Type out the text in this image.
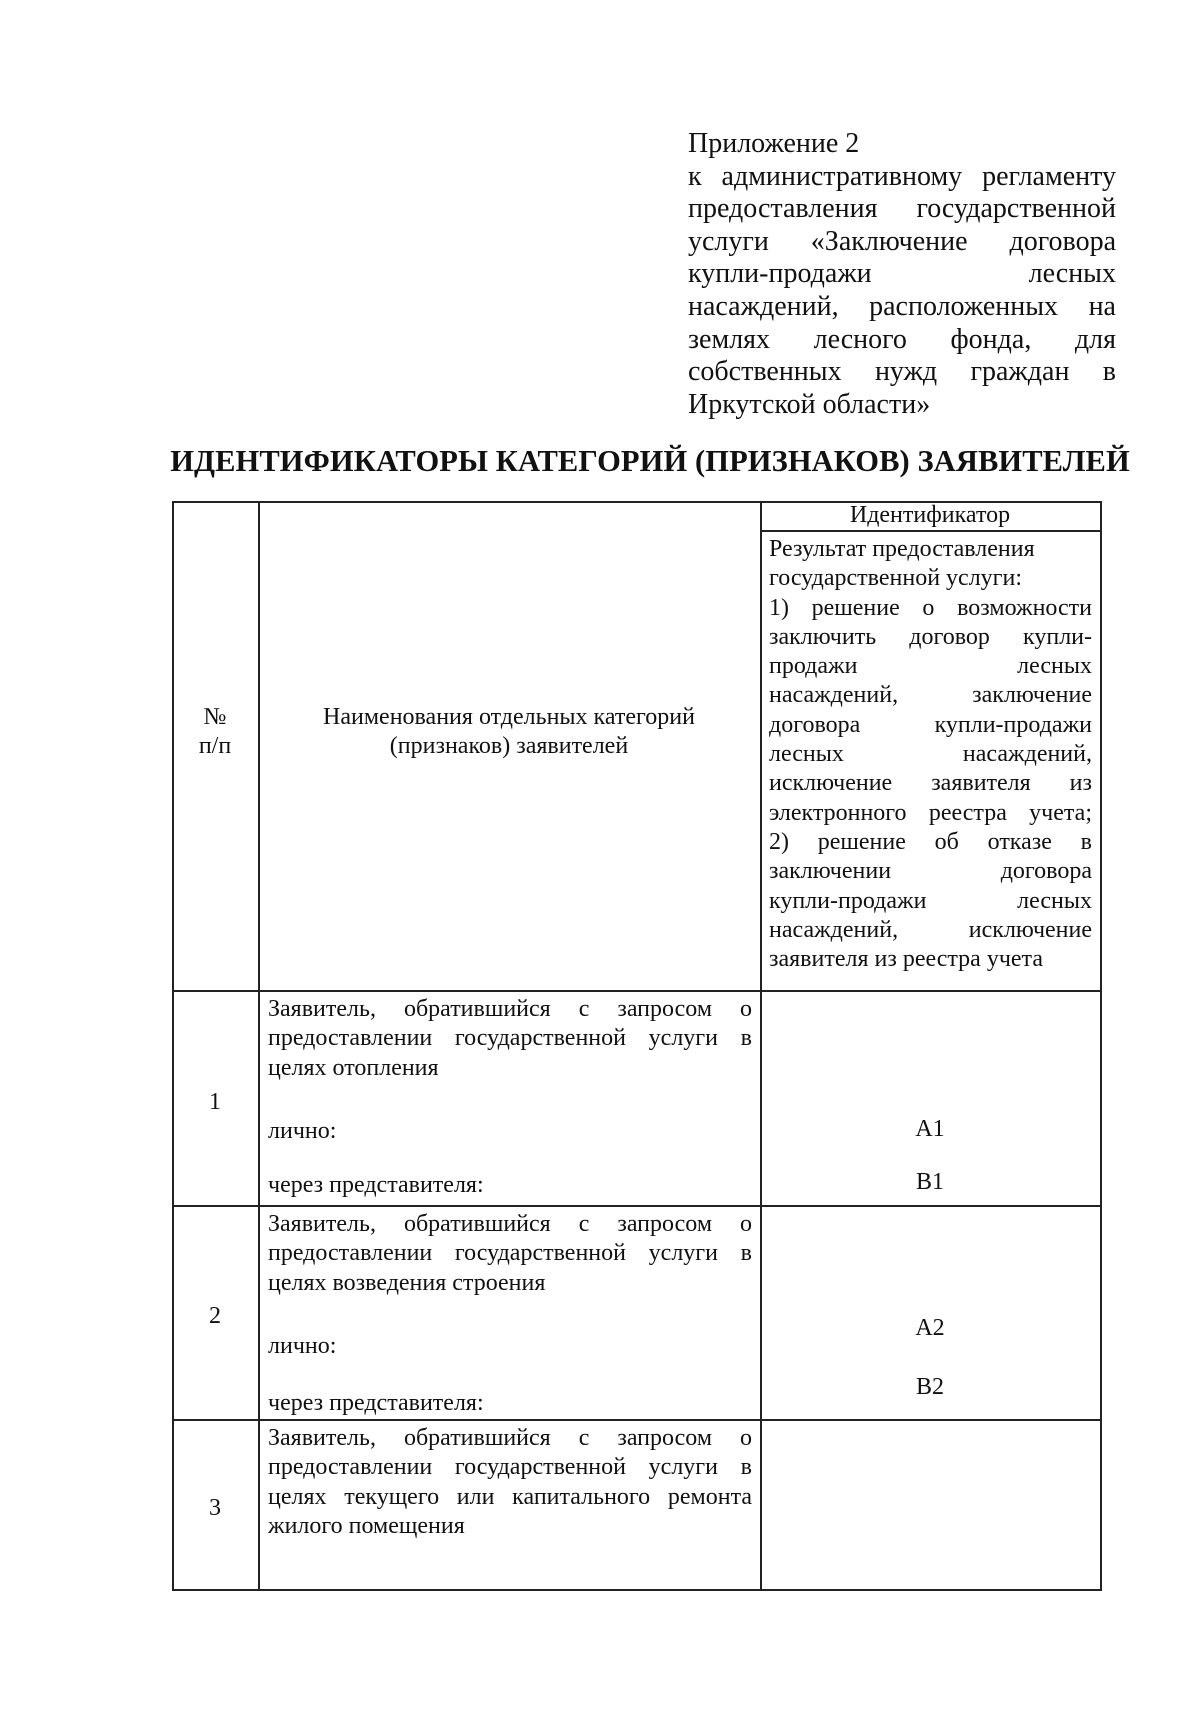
Приложение 2
к административному регламенту
предоставления государственной
услуги «Заключение договора
купли-продажи лесных
насаждений, расположенных на
землях лесного фонда, для
собственных нужд граждан в
Иркутской области»
ИДЕНТИФИКАТОРЫ КАТЕГОРИЙ (ПРИЗНАКОВ) ЗАЯВИТЕЛЕЙ
№
п/п
Наименования отдельных категорий
(признаков) заявителей
Идентификатор
Результат предоставления
государственной услуги:
1) решение о возможности
заключить договор купли-
продажи лесных
насаждений, заключение
договора купли-продажи
лесных насаждений,
исключение заявителя из
электронного реестра учета;
2) решение об отказе в
заключении договора
купли-продажи лесных
насаждений, исключение
заявителя из реестра учета
1
Заявитель, обратившийся с запросом о
предоставлении государственной услуги в
целях отопления
лично:
через представителя:
A1
B1
2
Заявитель, обратившийся с запросом о
предоставлении государственной услуги в
целях возведения строения
лично:
через представителя:
A2
B2
3
Заявитель, обратившийся с запросом о
предоставлении государственной услуги в
целях текущего или капитального ремонта
жилого помещения
